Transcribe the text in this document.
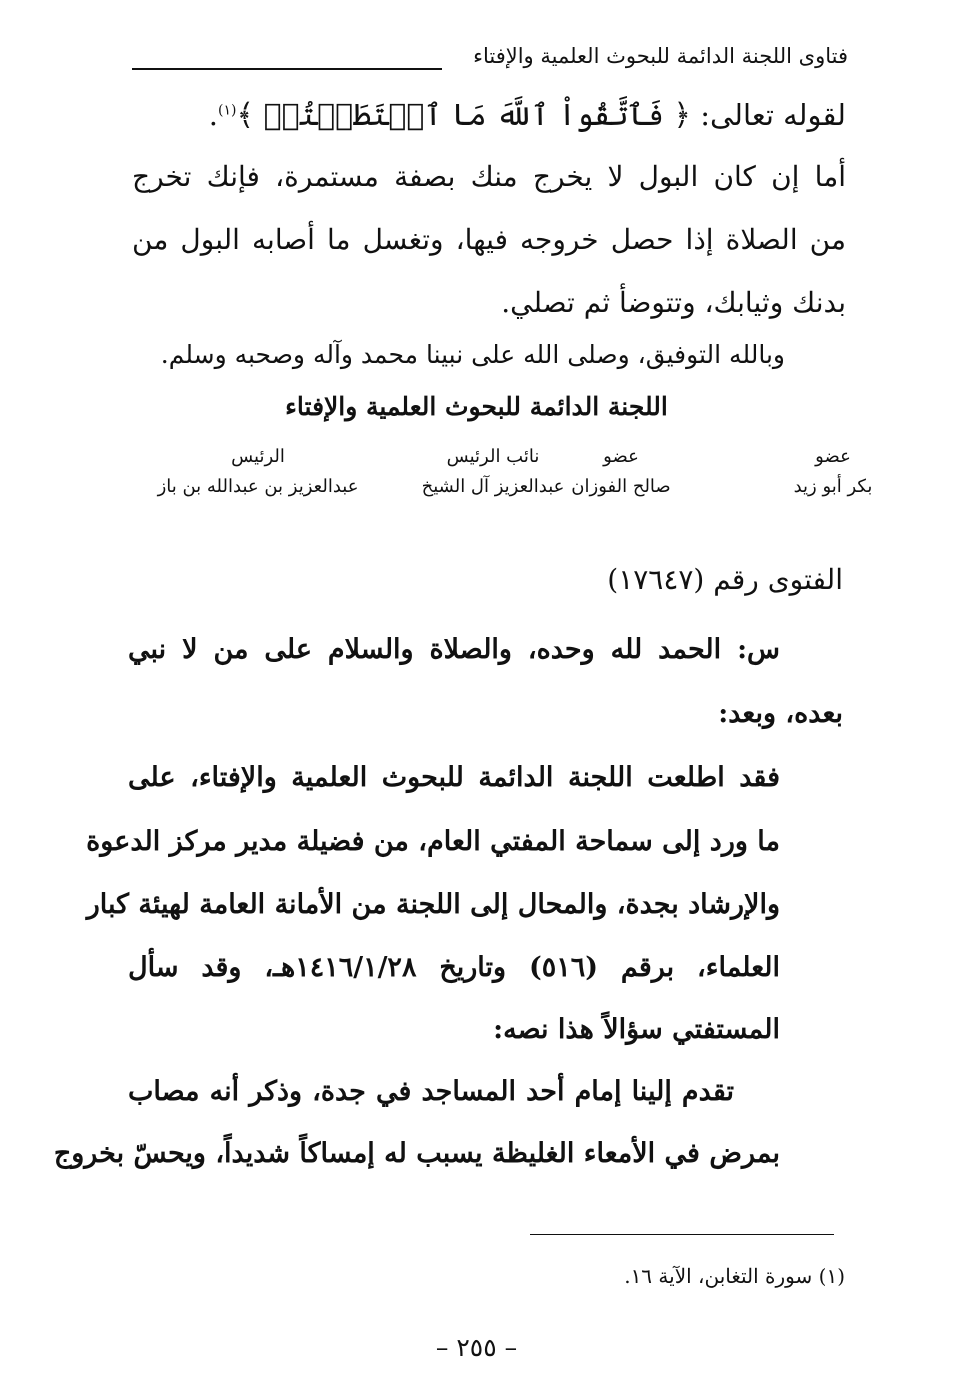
فتاوى اللجنة الدائمة للبحوث العلمية والإفتاء
لقوله تعالى: ﴿ فَٱتَّقُواْ ٱللَّهَ مَا ٱسۡتَطَعۡتُمۡ ﴾$^{(١)}$.
أما إن كان البول لا يخرج منك بصفة مستمرة، فإنك تخرج
من الصلاة إذا حصل خروجه فيها، وتغسل ما أصابه البول من
بدنك وثيابك، وتتوضأ ثم تصلي.
وبالله التوفيق، وصلى الله على نبينا محمد وآله وصحبه وسلم.
اللجنة الدائمة للبحوث العلمية والإفتاء
عضو
بكر أبو زيد
عضو
صالح الفوزان
نائب الرئيس
عبدالعزيز آل الشيخ
الرئيس
عبدالعزيز بن عبدالله بن باز
الفتوى رقم (١٧٦٤٧)
س: الحمد لله وحده، والصلاة والسلام على من لا نبي
بعده، وبعد:
فقد اطلعت اللجنة الدائمة للبحوث العلمية والإفتاء، على
ما ورد إلى سماحة المفتي العام، من فضيلة مدير مركز الدعوة
والإرشاد بجدة، والمحال إلى اللجنة من الأمانة العامة لهيئة كبار
العلماء، برقم (٥١٦) وتاريخ ١٤١٦/١/٢٨هـ، وقد سأل
المستفتي سؤالاً هذا نصه:
تقدم إلينا إمام أحد المساجد في جدة، وذكر أنه مصاب
بمرض في الأمعاء الغليظة يسبب له إمساكاً شديداً، ويحسّ بخروج
(١) سورة التغابن، الآية ١٦.
– ٢٥٥ –
